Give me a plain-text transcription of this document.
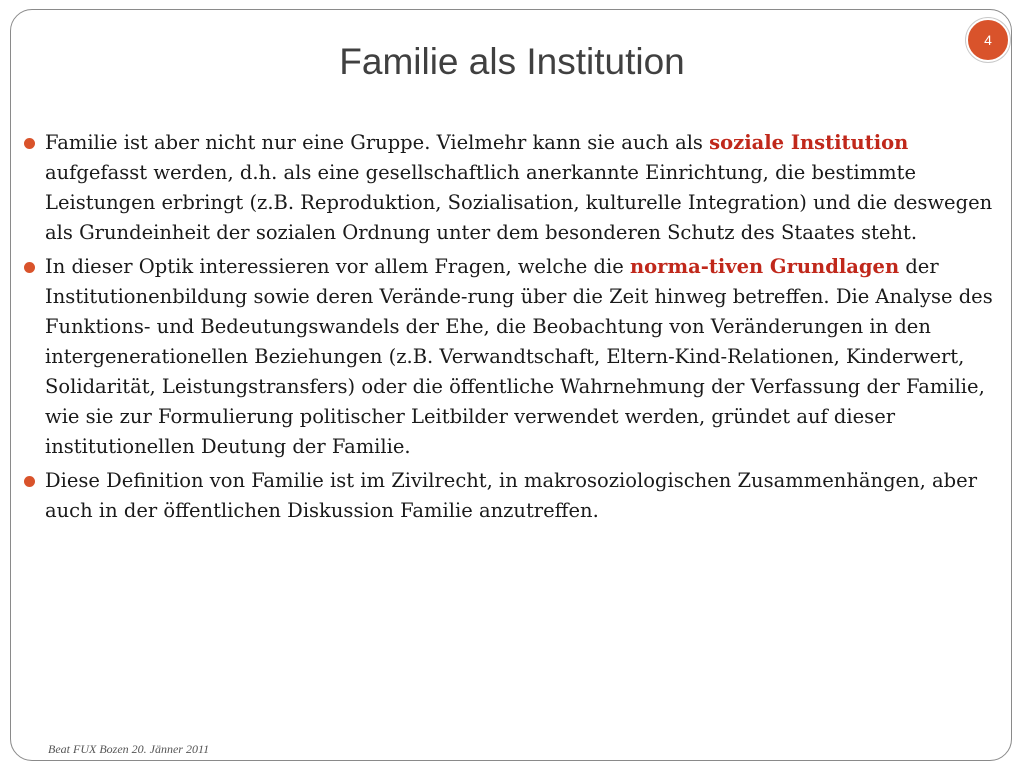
4
Familie als Institution
Familie ist aber nicht nur eine Gruppe. Vielmehr kann sie auch als soziale Institution aufgefasst werden, d.h. als eine gesellschaftlich anerkannte Einrichtung, die bestimmte Leistungen erbringt (z.B. Reproduktion, Sozialisation, kulturelle Integration) und die deswegen als Grundeinheit der sozialen Ordnung unter dem besonderen Schutz des Staates steht.
In dieser Optik interessieren vor allem Fragen, welche die norma-tiven Grundlagen der Institutionenbildung sowie deren Verände-rung über die Zeit hinweg betreffen. Die Analyse des Funktions- und Bedeutungswandels der Ehe, die Beobachtung von Veränderungen in den intergenerationellen Beziehungen (z.B. Verwandtschaft, Eltern-Kind-Relationen, Kinderwert, Solidarität, Leistungstransfers) oder die öffentliche Wahrnehmung der Verfassung der Familie, wie sie zur Formulierung politischer Leitbilder verwendet werden, gründet auf dieser institutionellen Deutung der Familie.
Diese Definition von Familie ist im Zivilrecht, in makrosoziologischen Zusammenhängen, aber auch in der öffentlichen Diskussion Familie anzutreffen.
Beat FUX Bozen 20. Jänner 2011
